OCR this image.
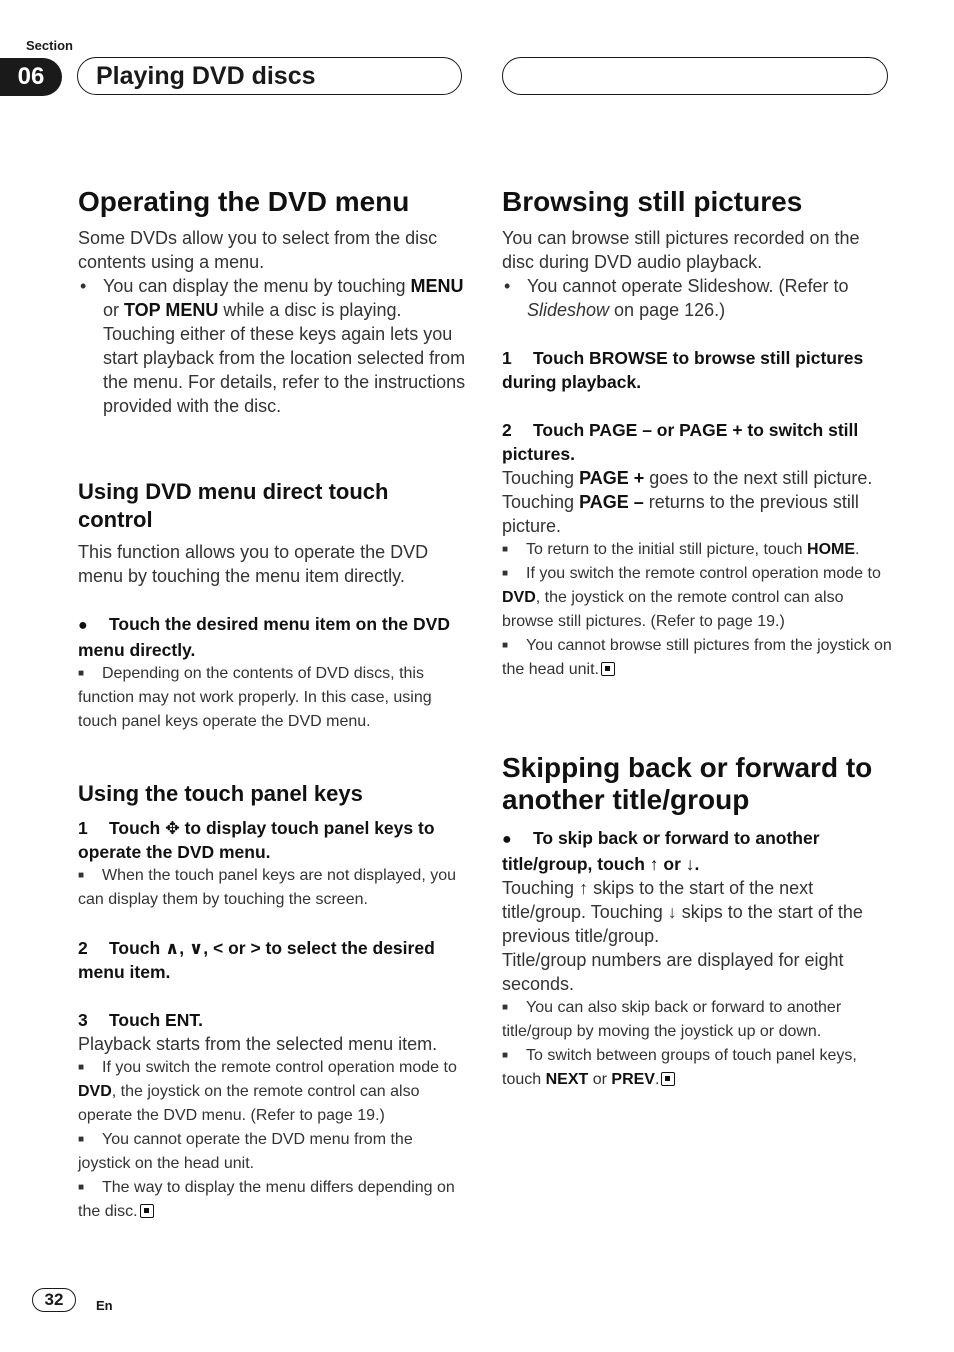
Section
06	Playing DVD discs
Operating the DVD menu

Some DVDs allow you to select from the disc contents using a menu.

• You can display the menu by touching MENU or TOP MENU while a disc is playing. Touching either of these keys again lets you start playback from the location selected from the menu. For details, refer to the instructions provided with the disc.
Using DVD menu direct touch control

This function allows you to operate the DVD menu by touching the menu item directly.

● Touch the desired menu item on the DVD menu directly.

■ Depending on the contents of DVD discs, this function may not work properly. In this case, using touch panel keys operate the DVD menu.

Using the touch panel keys

1 Touch ✥ to display touch panel keys to operate the DVD menu.

■ When the touch panel keys are not displayed, you can display them by touching the screen.

2 Touch ∧, ∨, < or > to select the desired menu item.

3 Touch ENT.

Playback starts from the selected menu item.

■ If you switch the remote control operation mode to DVD, the joystick on the remote control can also operate the DVD menu. (Refer to page 19.)

■ You cannot operate the DVD menu from the joystick on the head unit.

■ The way to display the menu differs depending on the disc.

Browsing still pictures

You can browse still pictures recorded on the disc during DVD audio playback.

• You cannot operate Slideshow. (Refer to Slideshow on page 126.)

1 Touch BROWSE to browse still pictures during playback.

2 Touch PAGE – or PAGE + to switch still pictures.

Touching PAGE + goes to the next still picture.

Touching PAGE – returns to the previous still picture.

■ To return to the initial still picture, touch HOME.

■ If you switch the remote control operation mode to DVD, the joystick on the remote control can also browse still pictures. (Refer to page 19.)

■ You cannot browse still pictures from the joystick on the head unit.

Skipping back or forward to another title/group

● To skip back or forward to another title/group, touch ↑ or ↓.

Touching ↑ skips to the start of the next title/group. Touching ↓ skips to the start of the previous title/group.

Title/group numbers are displayed for eight seconds.

■ You can also skip back or forward to another title/group by moving the joystick up or down.

■ To switch between groups of touch panel keys, touch NEXT or PREV.

32	En
